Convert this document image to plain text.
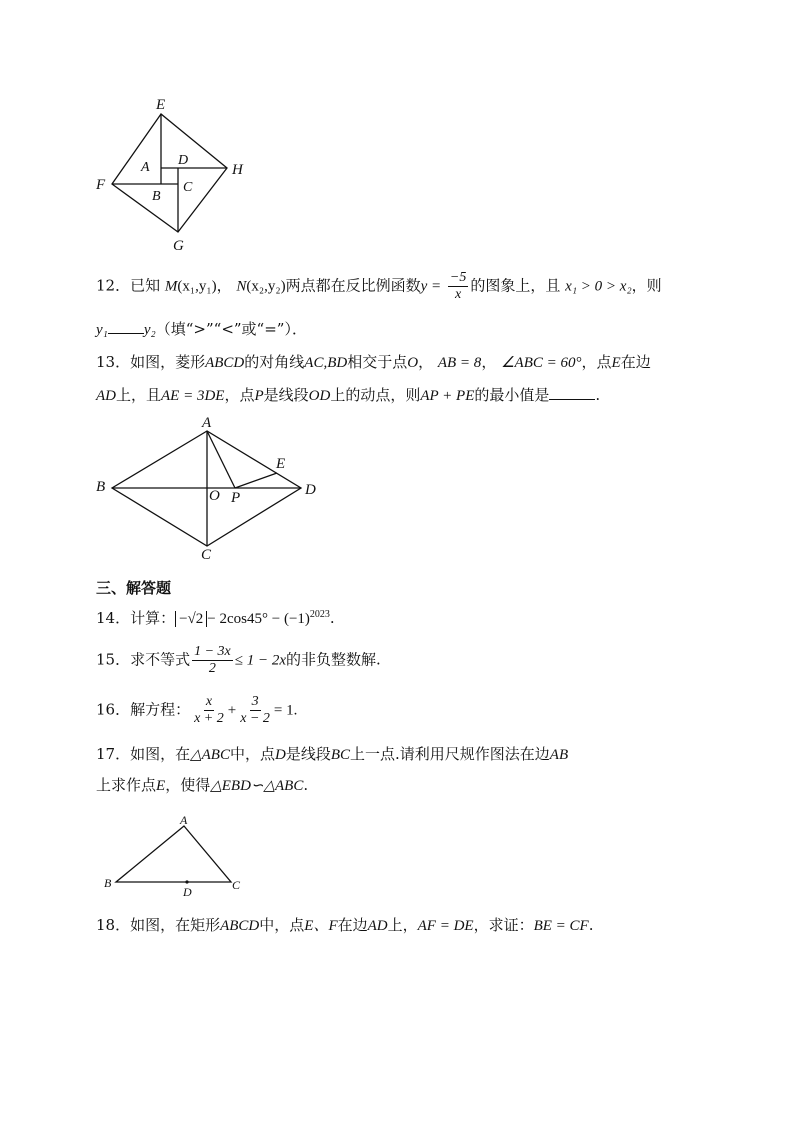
E
F
G
H
A
B
C
D
12．已知 M(x₁,y₁)， N(x₂,y₂)两点都在反比例函数$y = \frac{-5}{x}$ 的图象上，且 x₁ > 0 > x₂，则
y₁ y₂（填“>”“<”或“=”）．
13．如图，菱形ABCD的对角线AC,BD相交于点O， AB = 8， ∠ABC = 60°，点E在边
AD上，且AE = 3DE，点P是线段OD上的动点，则AP + PE的最小值是	.
A
B
C
D
E
O P
三、解答题
14．计算： $-√2 - 2\cos 45^\circ - (-1)^{2023}$.
15．求不等式 $\frac{1 - 3x}{2} \le 1 - 2x$的非负整数解.
16．解方程： $\frac{x}{x + 2} + \frac{3}{x - 2} = 1$.
17．如图，在△ABC中，点D是线段BC上一点.请利用尺规作图法在边AB
上求作点E，使得△EBD∽△ABC.
A
B	C
D
18．如图，在矩形ABCD中，点E、F在边AD上，AF = DE，求证：BE = CF.
